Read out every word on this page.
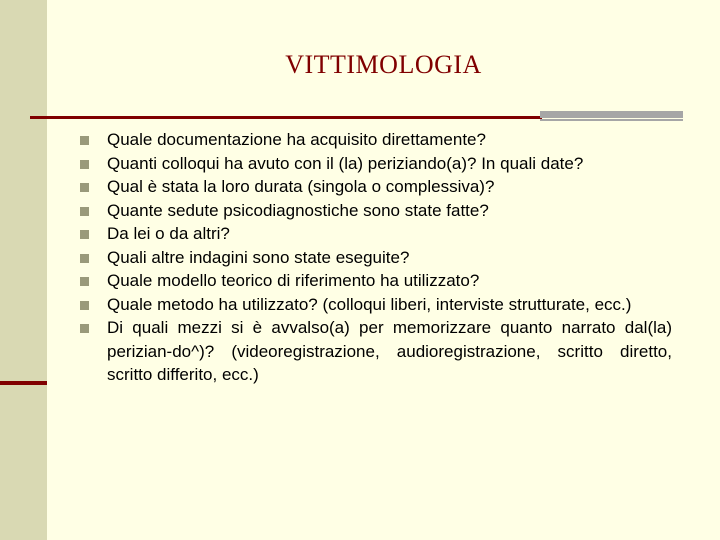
VITTIMOLOGIA
Quale documentazione ha acquisito direttamente?
Quanti colloqui ha avuto con il (la) periziando(a)? In quali date?
Qual è stata la loro durata (singola o complessiva)?
Quante sedute psicodiagnostiche sono state fatte?
Da lei o da altri?
Quali altre indagini sono state eseguite?
Quale modello teorico di riferimento ha utilizzato?
Quale metodo ha utilizzato? (colloqui liberi, interviste strutturate, ecc.)
Di quali mezzi si è avvalso(a) per memorizzare quanto narrato dal(la) perizian-do^)? (videoregistrazione, audioregistrazione, scritto diretto, scritto differito, ecc.)
